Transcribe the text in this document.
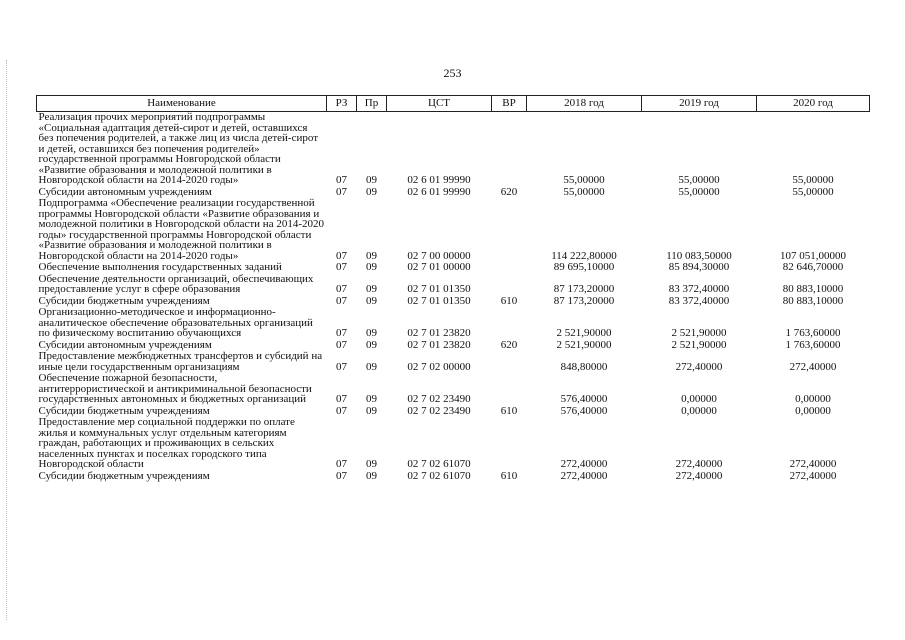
253
Наименование	РЗ	Пр	ЦСТ	ВР	2018 год	2019 год	2020 год
Реализация прочих мероприятий подпрограммы «Социальная адаптация детей-сирот и детей, оставшихся без попечения родителей, а также лиц из числа детей-сирот и детей, оставшихся без попечения родителей» государственной программы Новгородской области «Развитие образования и молодежной политики в Новгородской области на 2014-2020 годы»	07	09	02 6 01 99990		55,00000	55,00000	55,00000
Субсидии автономным учреждениям	07	09	02 6 01 99990	620	55,00000	55,00000	55,00000
Подпрограмма «Обеспечение реализации государственной программы Новгородской области «Развитие образования и молодежной политики в Новгородской области на 2014-2020 годы» государственной программы Новгородской области «Развитие образования и молодежной политики в Новгородской области на 2014-2020 годы»	07	09	02 7 00 00000		114 222,80000	110 083,50000	107 051,00000
Обеспечение выполнения государственных заданий	07	09	02 7 01 00000		89 695,10000	85 894,30000	82 646,70000
Обеспечение деятельности организаций, обеспечивающих предоставление услуг в сфере образования	07	09	02 7 01 01350		87 173,20000	83 372,40000	80 883,10000
Субсидии бюджетным учреждениям	07	09	02 7 01 01350	610	87 173,20000	83 372,40000	80 883,10000
Организационно-методическое и информационно-аналитическое обеспечение образовательных организаций по физическому воспитанию обучающихся	07	09	02 7 01 23820		2 521,90000	2 521,90000	1 763,60000
Субсидии автономным учреждениям	07	09	02 7 01 23820	620	2 521,90000	2 521,90000	1 763,60000
Предоставление межбюджетных трансфертов и субсидий на иные цели государственным организациям	07	09	02 7 02 00000		848,80000	272,40000	272,40000
Обеспечение пожарной безопасности, антитеррористической и антикриминальной безопасности государственных автономных и бюджетных организаций	07	09	02 7 02 23490		576,40000	0,00000	0,00000
Субсидии бюджетным учреждениям	07	09	02 7 02 23490	610	576,40000	0,00000	0,00000
Предоставление мер социальной поддержки по оплате жилья и коммунальных услуг отдельным категориям граждан, работающих и проживающих в сельских населенных пунктах и поселках городского типа Новгородской области	07	09	02 7 02 61070		272,40000	272,40000	272,40000
Субсидии бюджетным учреждениям	07	09	02 7 02 61070	610	272,40000	272,40000	272,40000
